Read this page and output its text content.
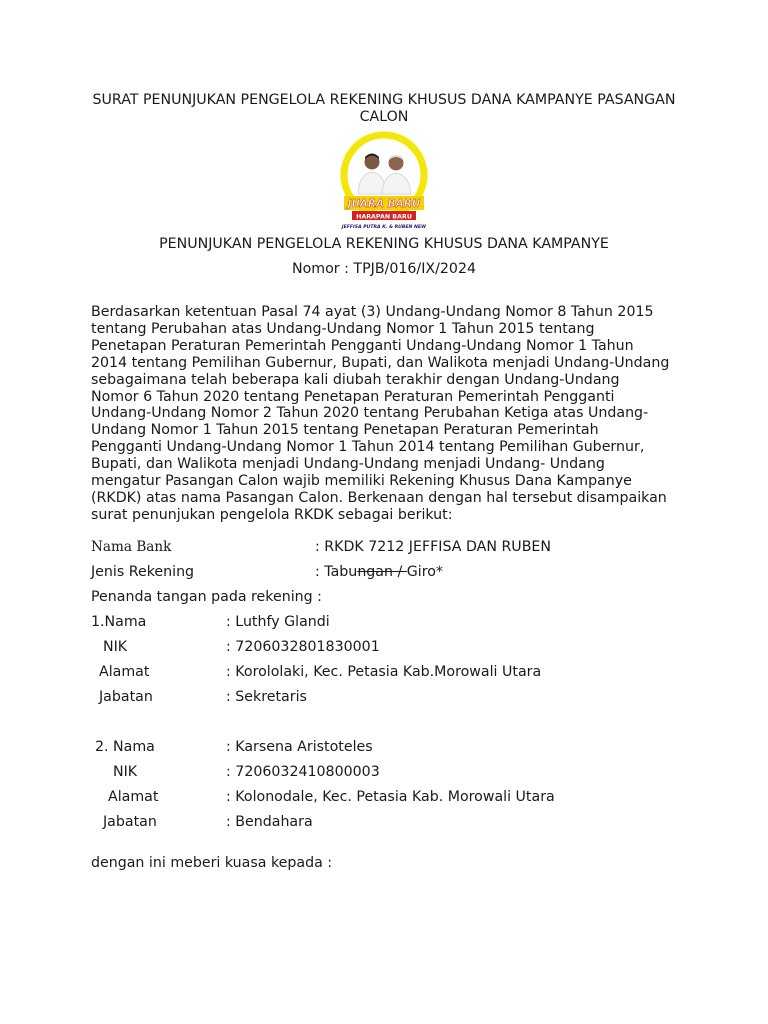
SURAT PENUNJUKAN PENGELOLA REKENING KHUSUS DANA KAMPANYE PASANGAN CALON
JUARA BARU
HARAPAN BARU
JEFFISA PUTRA K. & RUBEN NEW
PENUNJUKAN PENGELOLA REKENING KHUSUS DANA KAMPANYE
Nomor : TPJB/016/IX/2024
Berdasarkan ketentuan Pasal 74 ayat (3) Undang-Undang Nomor 8 Tahun 2015 tentang Perubahan atas Undang-Undang Nomor 1 Tahun 2015 tentang Penetapan Peraturan Pemerintah Pengganti Undang-Undang Nomor 1 Tahun 2014 tentang Pemilihan Gubernur, Bupati, dan Walikota menjadi Undang-Undang sebagaimana telah beberapa kali diubah terakhir dengan Undang-Undang Nomor 6 Tahun 2020 tentang Penetapan Peraturan Pemerintah Pengganti Undang-Undang Nomor 2 Tahun 2020 tentang Perubahan Ketiga atas Undang-Undang Nomor 1 Tahun 2015 tentang Penetapan Peraturan Pemerintah Pengganti Undang-Undang Nomor 1 Tahun 2014 tentang Pemilihan Gubernur, Bupati, dan Walikota menjadi Undang-Undang menjadi Undang- Undang mengatur Pasangan Calon wajib memiliki Rekening Khusus Dana Kampanye (RKDK) atas nama Pasangan Calon. Berkenaan dengan hal tersebut disampaikan surat penunjukan pengelola RKDK sebagai berikut:
Nama Bank	: RKDK 7212 JEFFISA DAN RUBEN
Jenis Rekening	: Tabungan / Giro*
Penanda tangan pada rekening :
1.Nama	: Luthfy Glandi
NIK	: 7206032801830001
Alamat	: Korololaki, Kec. Petasia Kab.Morowali Utara
Jabatan	: Sekretaris
2. Nama	: Karsena Aristoteles
NIK	: 7206032410800003
Alamat	: Kolonodale, Kec. Petasia Kab. Morowali Utara
Jabatan	: Bendahara
dengan ini meberi kuasa kepada :
